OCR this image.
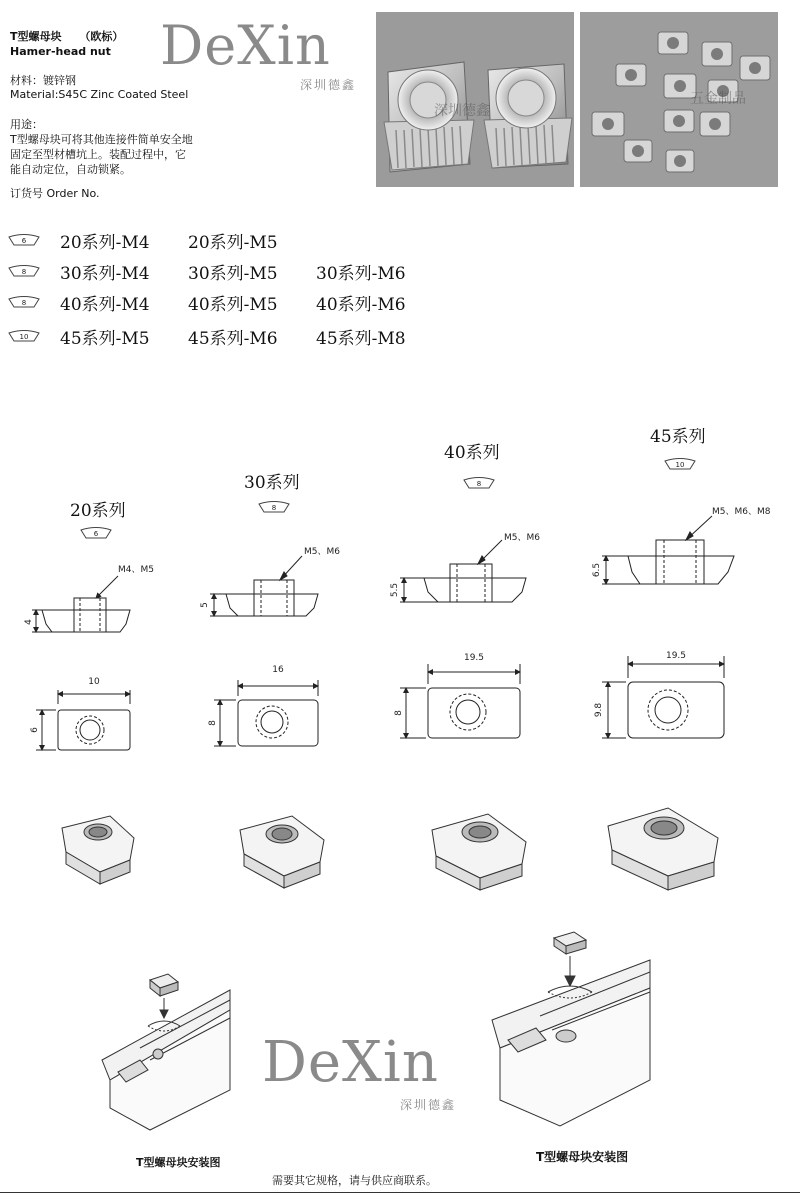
T型螺母块 （欧标）
Hamer-head nut
材料：镀锌钢
Material:S45C Zinc Coated Steel
用途：
T型螺母块可将其他连接件简单安全地
固定至型材槽坑上。装配过程中，它
能自动定位，自动锁紧。
订货号 Order No.
DeXin
深圳德鑫
深圳德鑫
五金制品
6 20系列-M4	20系列-M5
8 30系列-M4	30系列-M5	30系列-M6
8 40系列-M4	40系列-M5	40系列-M6
10 45系列-M5	45系列-M6	45系列-M8
20系列
6
30系列
8
40系列
8
45系列
10
4
M4、M5
5
M5、M6
5.5
M5、M6
6.5
M5、M6、M8
10
6
16
8
19.5
8
19.5
9.8
DeXin
深圳德鑫
T型螺母块安装图	T型螺母块安装图
需要其它规格，请与供应商联系。
